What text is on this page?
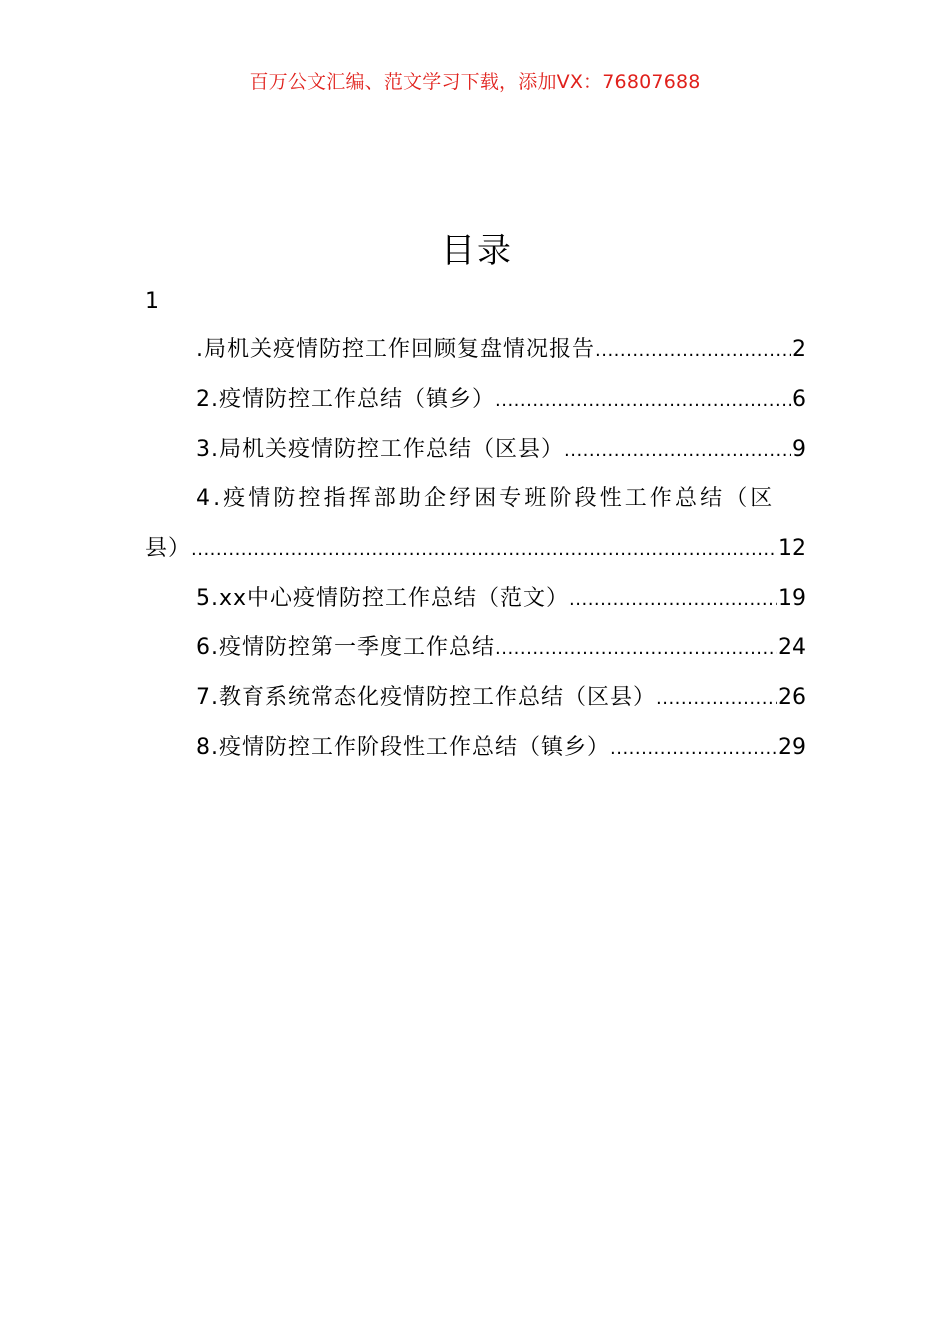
百万公文汇编、范文学习下载，添加VX：76807688
目录
1
.局机关疫情防控工作回顾复盘情况报告 .....	2
2.疫情防控工作总结（镇乡） .....	6
3.局机关疫情防控工作总结（区县） .....	9
4.疫情防控指挥部助企纾困专班阶段性工作总结（区
县） .....	12
5.xx中心疫情防控工作总结（范文） .....	19
6.疫情防控第一季度工作总结 .....	24
7.教育系统常态化疫情防控工作总结（区县） .....	26
8.疫情防控工作阶段性工作总结（镇乡） .....	29
